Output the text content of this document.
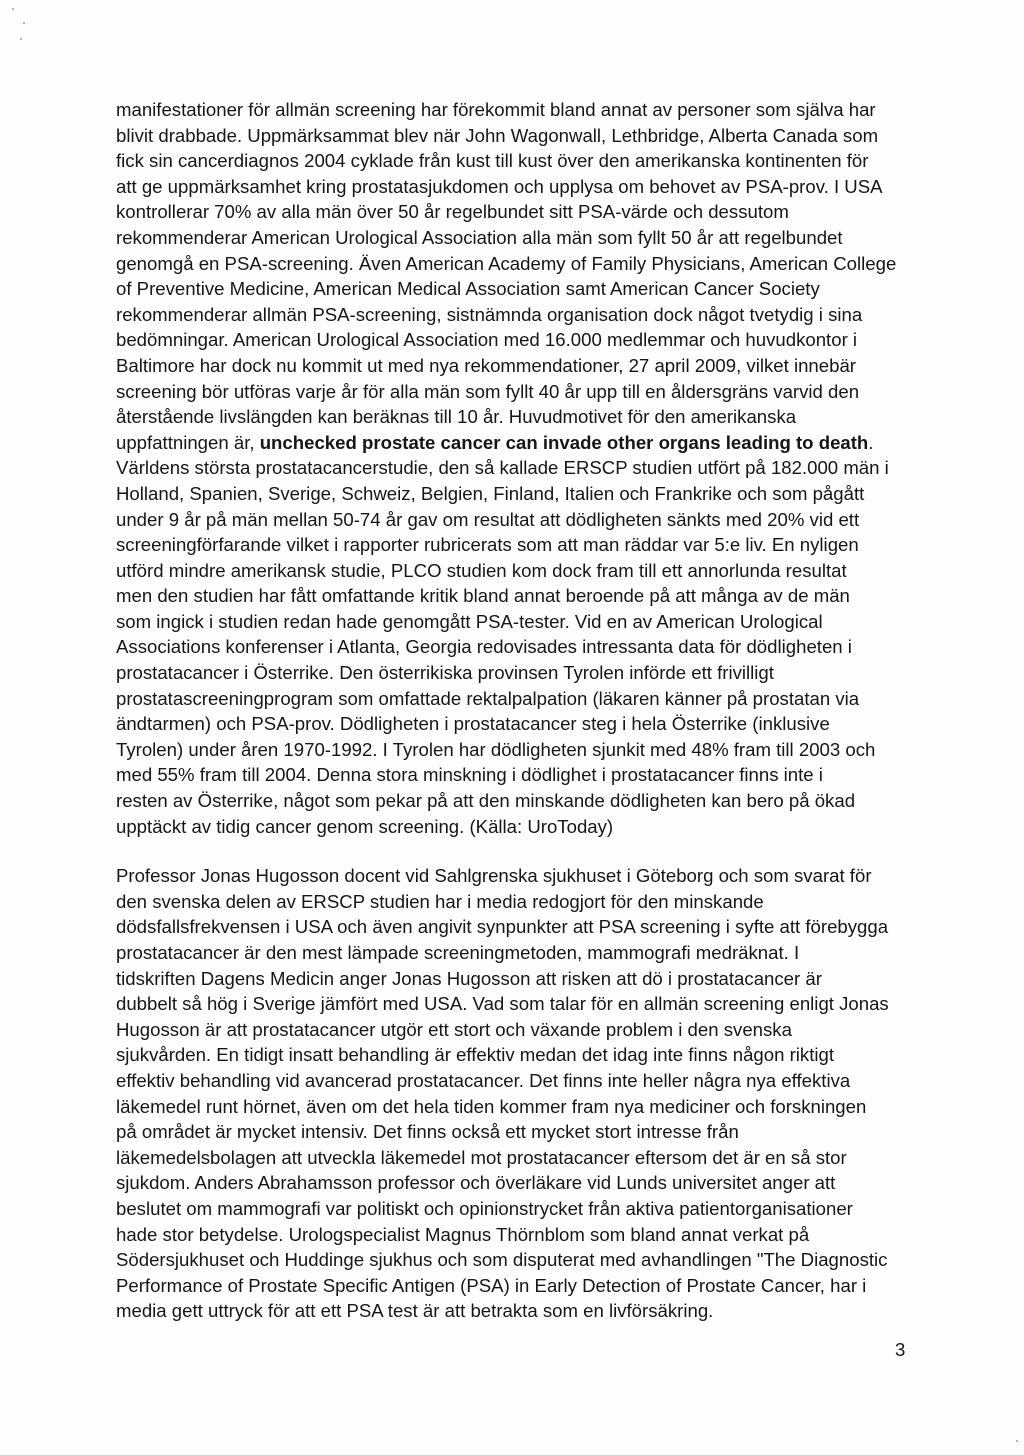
manifestationer för allmän screening har förekommit bland annat av personer som själva har
blivit drabbade. Uppmärksammat blev när John Wagonwall, Lethbridge, Alberta Canada som
fick sin cancerdiagnos 2004 cyklade från kust till kust över den amerikanska kontinenten för
att ge uppmärksamhet kring prostatasjukdomen och upplysa om behovet av PSA-prov. I USA
kontrollerar 70% av alla män över 50 år regelbundet sitt PSA-värde och dessutom
rekommenderar American Urological Association alla män som fyllt 50 år att regelbundet
genomgå en PSA-screening. Även American Academy of Family Physicians, American College
of Preventive Medicine, American Medical Association samt American Cancer Society
rekommenderar allmän PSA-screening, sistnämnda organisation dock något tvetydig i sina
bedömningar. American Urological Association med 16.000 medlemmar och huvudkontor i
Baltimore har dock nu kommit ut med nya rekommendationer, 27 april 2009, vilket innebär
screening bör utföras varje år för alla män som fyllt 40 år upp till en åldersgräns varvid den
återstående livslängden kan beräknas till 10 år. Huvudmotivet för den amerikanska
uppfattningen är, unchecked prostate cancer can invade other organs leading to death.
Världens största prostatacancerstudie, den så kallade ERSCP studien utfört på 182.000 män i
Holland, Spanien, Sverige, Schweiz, Belgien, Finland, Italien och Frankrike och som pågått
under 9 år på män mellan 50-74 år gav om resultat att dödligheten sänkts med 20% vid ett
screeningförfarande vilket i rapporter rubricerats som att man räddar var 5:e liv. En nyligen
utförd mindre amerikansk studie, PLCO studien kom dock fram till ett annorlunda resultat
men den studien har fått omfattande kritik bland annat beroende på att många av de män
som ingick i studien redan hade genomgått PSA-tester. Vid en av American Urological
Associations konferenser i Atlanta, Georgia redovisades intressanta data för dödligheten i
prostatacancer i Österrike. Den österrikiska provinsen Tyrolen införde ett frivilligt
prostatascreeningprogram som omfattade rektalpalpation (läkaren känner på prostatan via
ändtarmen) och PSA-prov. Dödligheten i prostatacancer steg i hela Österrike (inklusive
Tyrolen) under åren 1970-1992. I Tyrolen har dödligheten sjunkit med 48% fram till 2003 och
med 55% fram till 2004. Denna stora minskning i dödlighet i prostatacancer finns inte i
resten av Österrike, något som pekar på att den minskande dödligheten kan bero på ökad
upptäckt av tidig cancer genom screening. (Källa: UroToday)

Professor Jonas Hugosson docent vid Sahlgrenska sjukhuset i Göteborg och som svarat för
den svenska delen av ERSCP studien har i media redogjort för den minskande
dödsfallsfrekvensen i USA och även angivit synpunkter att PSA screening i syfte att förebygga
prostatacancer är den mest lämpade screeningmetoden, mammografi medräknat. I
tidskriften Dagens Medicin anger Jonas Hugosson att risken att dö i prostatacancer är
dubbelt så hög i Sverige jämfört med USA. Vad som talar för en allmän screening enligt Jonas
Hugosson är att prostatacancer utgör ett stort och växande problem i den svenska
sjukvården. En tidigt insatt behandling är effektiv medan det idag inte finns någon riktigt
effektiv behandling vid avancerad prostatacancer. Det finns inte heller några nya effektiva
läkemedel runt hörnet, även om det hela tiden kommer fram nya mediciner och forskningen
på området är mycket intensiv. Det finns också ett mycket stort intresse från
läkemedelsbolagen att utveckla läkemedel mot prostatacancer eftersom det är en så stor
sjukdom. Anders Abrahamsson professor och överläkare vid Lunds universitet anger att
beslutet om mammografi var politiskt och opinionstrycket från aktiva patientorganisationer
hade stor betydelse. Urologspecialist Magnus Thörnblom som bland annat verkat på
Södersjukhuset och Huddinge sjukhus och som disputerat med avhandlingen "The Diagnostic
Performance of Prostate Specific Antigen (PSA) in Early Detection of Prostate Cancer, har i
media gett uttryck för att ett PSA test är att betrakta som en livförsäkring.

3
